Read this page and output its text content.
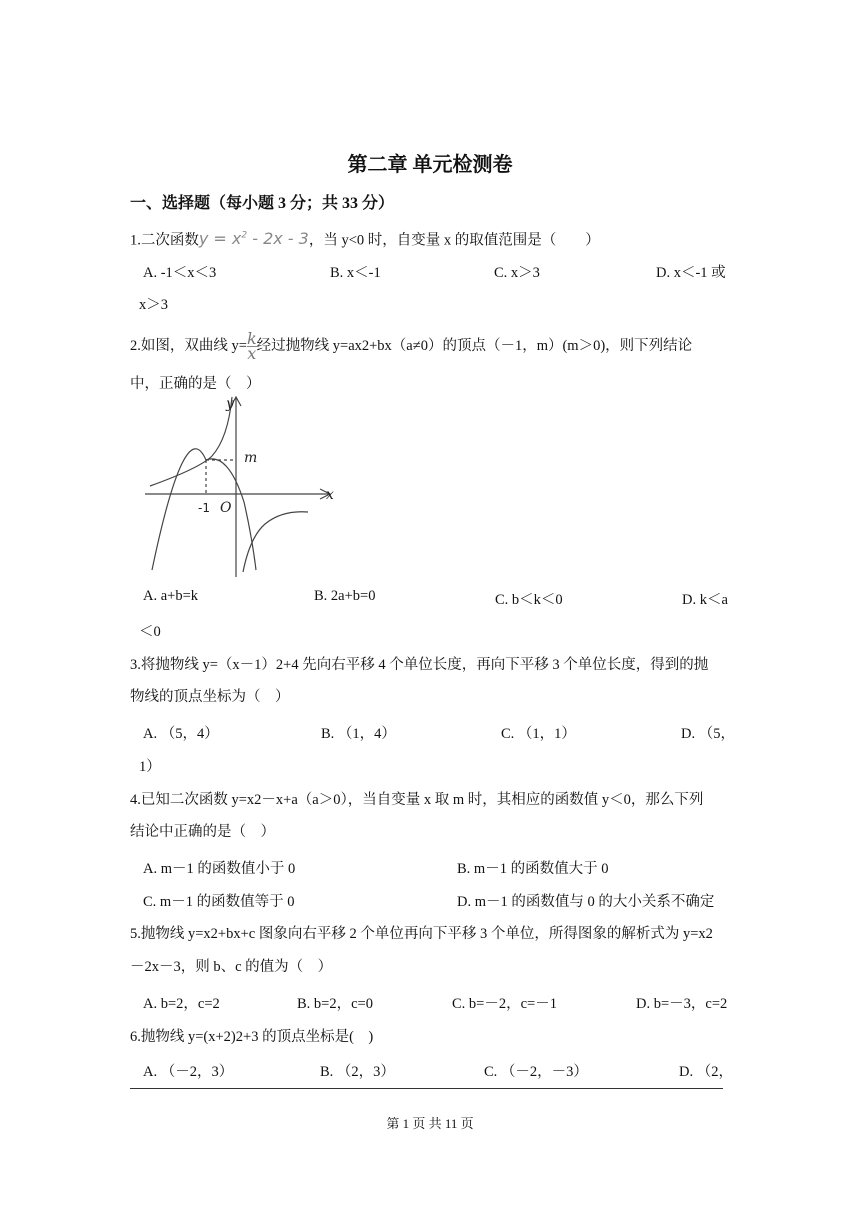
第二章 单元检测卷
一、选择题（每小题 3 分；共 33 分）
1.二次函数$y = x^2 - 2x - 3$，当 y<0 时，自变量 x 的取值范围是（　　）
A. -1＜x＜3	B. x＜-1	C. x＞3	D. x＜-1 或
x＞3
2.如图，双曲线 $y= \frac{k}{x}$ 经过抛物线 y=ax2+bx（a≠0）的顶点（－1，m）(m＞0)，则下列结论
中，正确的是（　）
y
x
m
O
-1
A. a+b=k	B. 2a+b=0	C. b＜k＜0	D. k＜a
＜0
3.将抛物线 y=（x－1）2+4 先向右平移 4 个单位长度，再向下平移 3 个单位长度，得到的抛
物线的顶点坐标为（　）
A. （5，4）	B. （1，4）	C. （1，1）	D. （5，
1）
4.已知二次函数 y=x2－x+a（a＞0），当自变量 x 取 m 时，其相应的函数值 y＜0，那么下列
结论中正确的是（　）
A. m－1 的函数值小于 0	B. m－1 的函数值大于 0
C. m－1 的函数值等于 0	D. m－1 的函数值与 0 的大小关系不确定
5.抛物线 y=x2+bx+c 图象向右平移 2 个单位再向下平移 3 个单位，所得图象的解析式为 y=x2
－2x－3，则 b、c 的值为（　）
A. b=2，c=2	B. b=2，c=0	C. b=－2，c=－1	D. b=－3，c=2
6.抛物线 y=(x+2)2+3 的顶点坐标是(　)
A. （－2，3）	B. （2，3）	C. （－2，－3）	D. （2，
第 1 页 共 11 页
